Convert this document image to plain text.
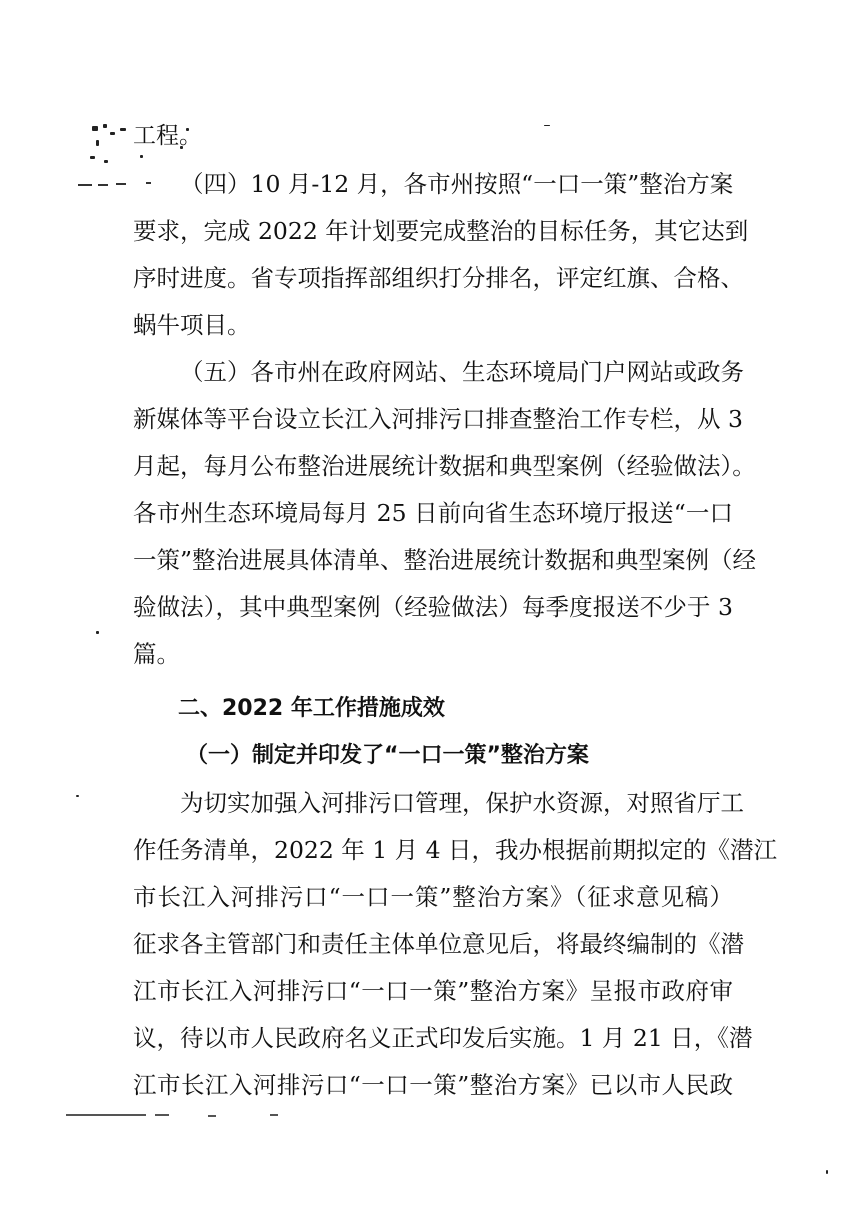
工程。
（四）10 月-12 月，各市州按照“一口一策”整治方案
要求，完成 2022 年计划要完成整治的目标任务，其它达到
序时进度。省专项指挥部组织打分排名，评定红旗、合格、
蜗牛项目。
（五）各市州在政府网站、生态环境局门户网站或政务
新媒体等平台设立长江入河排污口排查整治工作专栏，从 3
月起，每月公布整治进展统计数据和典型案例（经验做法）。
各市州生态环境局每月 25 日前向省生态环境厅报送“一口
一策”整治进展具体清单、整治进展统计数据和典型案例（经
验做法），其中典型案例（经验做法）每季度报送不少于 3
篇。
二、2022 年工作措施成效
（一）制定并印发了“一口一策”整治方案
为切实加强入河排污口管理，保护水资源，对照省厅工
作任务清单，2022 年 1 月 4 日，我办根据前期拟定的《潜江
市长江入河排污口“一口一策”整治方案》（征求意见稿）
征求各主管部门和责任主体单位意见后，将最终编制的《潜
江市长江入河排污口“一口一策”整治方案》呈报市政府审
议，待以市人民政府名义正式印发后实施。1 月 21 日，《潜
江市长江入河排污口“一口一策”整治方案》已以市人民政
